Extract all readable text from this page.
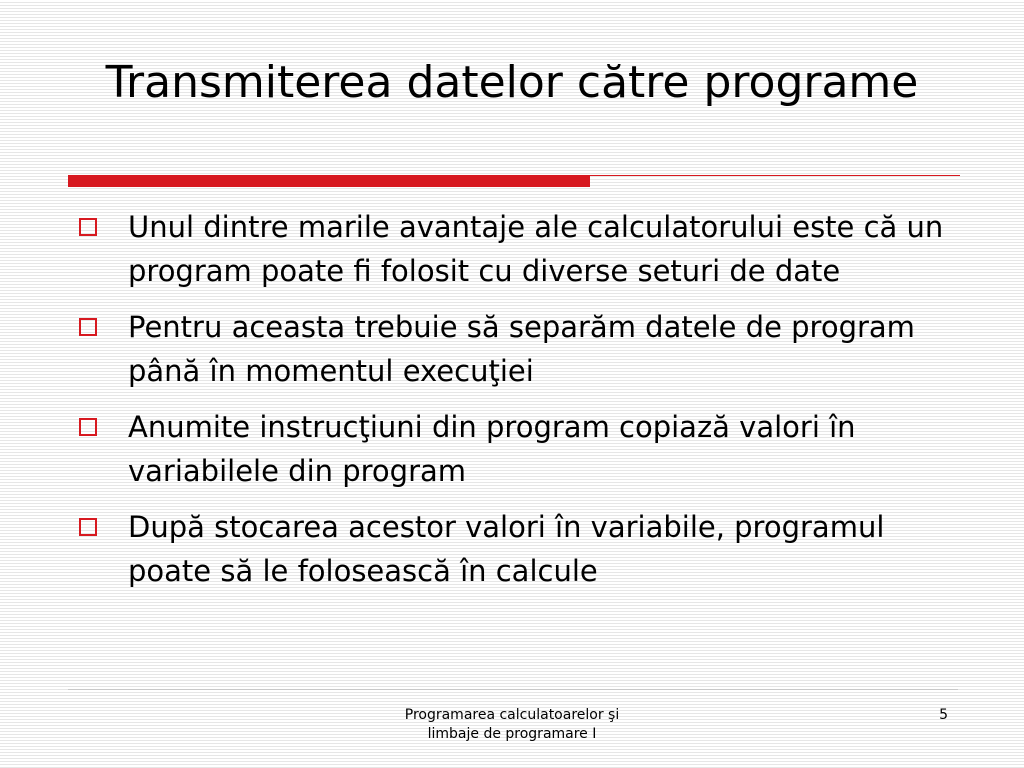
Transmiterea datelor către programe
Unul dintre marile avantaje ale calculatorului este că un program poate fi folosit cu diverse seturi de date
Pentru aceasta trebuie să separăm datele de program până în momentul execuţiei
Anumite instrucţiuni din program copiază valori în variabilele din program
După stocarea acestor valori în variabile, programul poate să le folosească în calcule
Programarea calculatoarelor şi
limbaje de programare I
5
